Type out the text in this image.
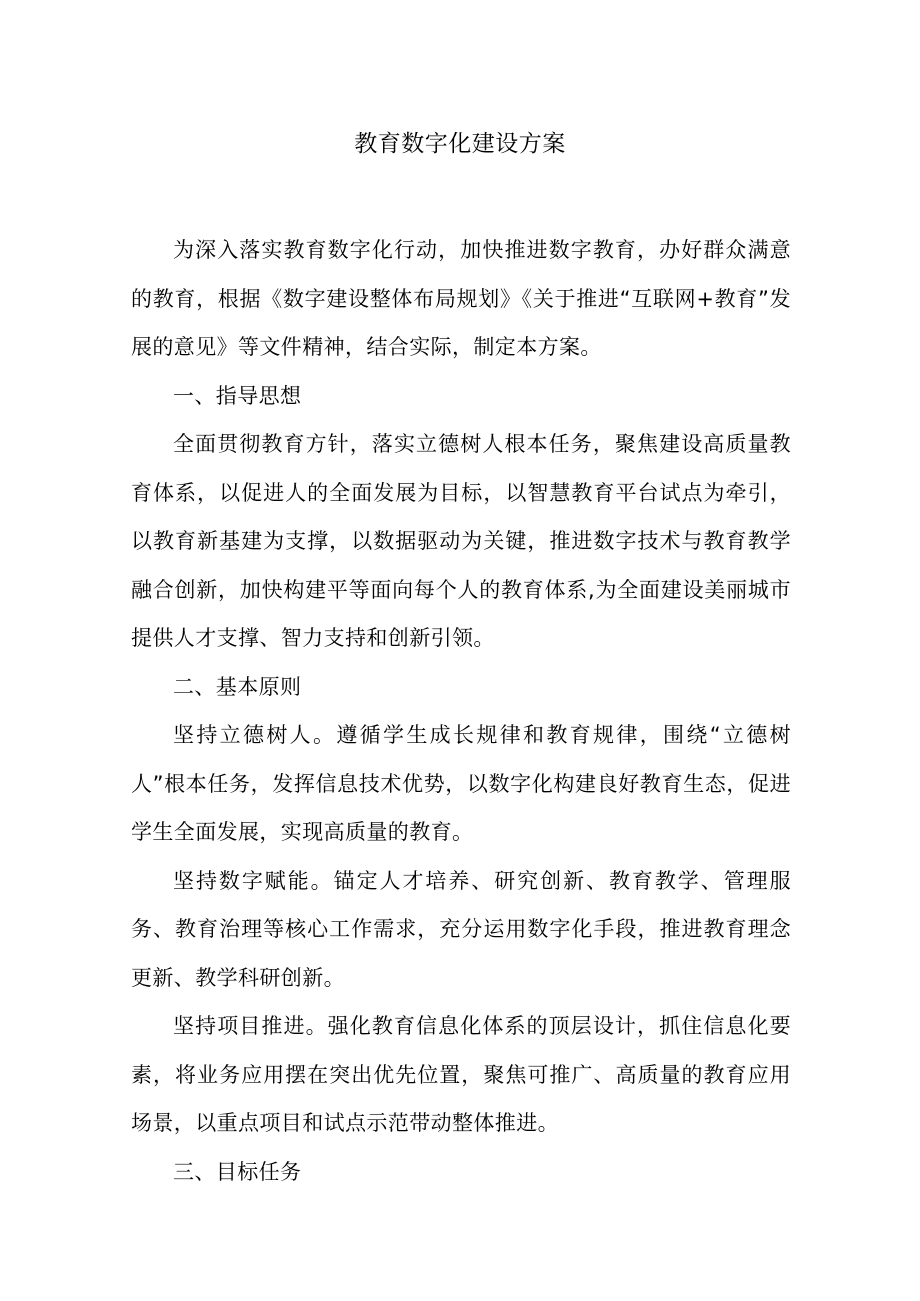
教育数字化建设方案

为深入落实教育数字化行动，加快推进数字教育，办好群众满意的教育，根据《数字建设整体布局规划》《关于推进“互联网+教育”发展的意见》等文件精神，结合实际，制定本方案。

一、指导思想

全面贯彻教育方针，落实立德树人根本任务，聚焦建设高质量教育体系，以促进人的全面发展为目标，以智慧教育平台试点为牵引，以教育新基建为支撑，以数据驱动为关键，推进数字技术与教育教学融合创新，加快构建平等面向每个人的教育体系,为全面建设美丽城市提供人才支撑、智力支持和创新引领。

二、基本原则

坚持立德树人。遵循学生成长规律和教育规律，围绕“立德树人”根本任务，发挥信息技术优势，以数字化构建良好教育生态，促进学生全面发展，实现高质量的教育。

坚持数字赋能。锚定人才培养、研究创新、教育教学、管理服务、教育治理等核心工作需求，充分运用数字化手段，推进教育理念更新、教学科研创新。

坚持项目推进。强化教育信息化体系的顶层设计，抓住信息化要素，将业务应用摆在突出优先位置，聚焦可推广、高质量的教育应用场景，以重点项目和试点示范带动整体推进。

三、目标任务
